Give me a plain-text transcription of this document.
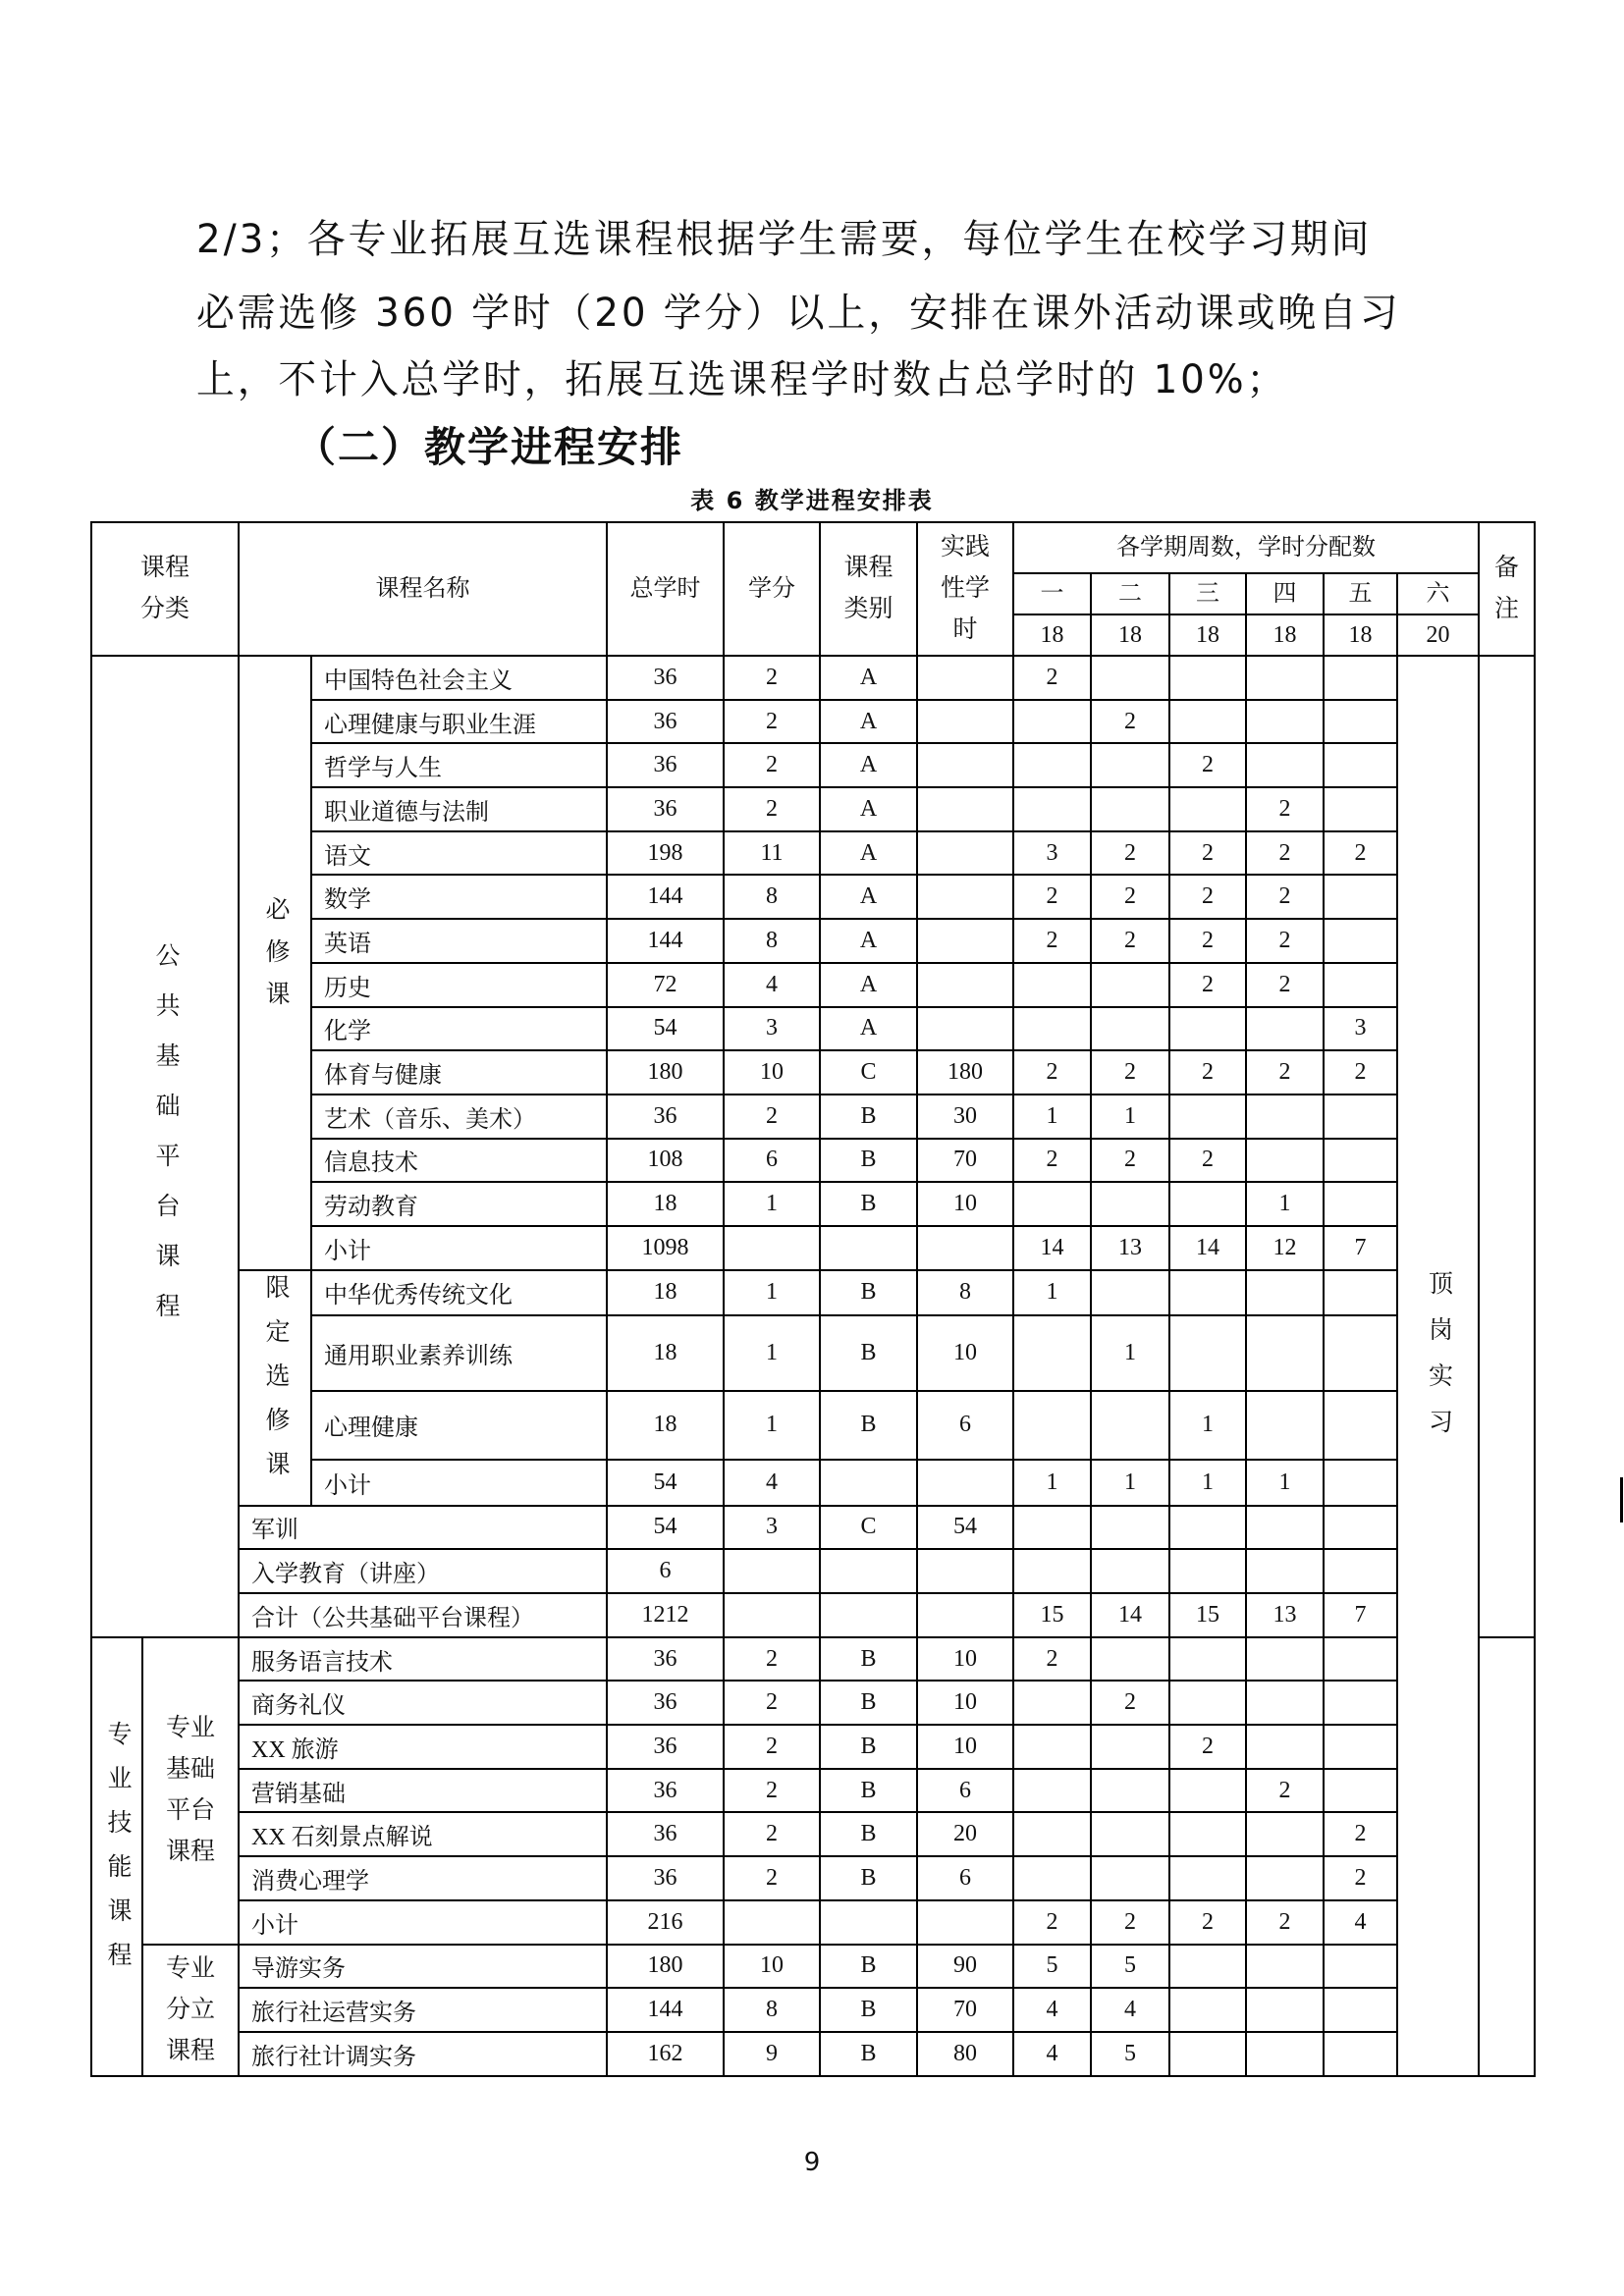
2/3；各专业拓展互选课程根据学生需要，每位学生在校学习期间
必需选修 360 学时（20 学分）以上，安排在课外活动课或晚自习
上，不计入总学时，拓展互选课程学时数占总学时的 10%；
（二）教学进程安排
表 6 教学进程安排表
课程分类		课程名称		总学时	学分	课程类别	实践性学时	各学期周数，学时分配数						备注
								一	二	三	四	五	六	
								18	18	18	18	18	20	
公共基础平台课程		必修课	中国特色社会主义	36	2	A		2					顶岗实习	
			心理健康与职业生涯	36	2	A			2					
			哲学与人生	36	2	A				2				
			职业道德与法制	36	2	A					2			
			语文	198	11	A		3	2	2	2	2		
			数学	144	8	A		2	2	2	2			
			英语	144	8	A		2	2	2	2			
			历史	72	4	A				2	2			
			化学	54	3	A						3		
			体育与健康	180	10	C	180	2	2	2	2	2		
			艺术（音乐、美术）	36	2	B	30	1	1					
			信息技术	108	6	B	70	2	2	2				
			劳动教育	18	1	B	10				1			
			小计	1098				14	13	14	12	7		
		限定选修课	中华优秀传统文化	18	1	B	8	1						
			通用职业素养训练	18	1	B	10		1					
			心理健康	18	1	B	6			1				
			小计	54	4			1	1	1	1			
		军训		54	3	C	54							
		入学教育（讲座）		6										
		合计（公共基础平台课程）		1212				15	14	15	13	7		
专业技能课程	专业基础平台课程	服务语言技术		36	2	B	10	2						
		商务礼仪		36	2	B	10		2					
		XX 旅游		36	2	B	10			2				
		营销基础		36	2	B	6				2			
		XX 石刻景点解说		36	2	B	20					2		
		消费心理学		36	2	B	6					2		
		小计		216				2	2	2	2	4		
	专业分立课程	导游实务		180	10	B	90	5	5					
		旅行社运营实务		144	8	B	70	4	4					
		旅行社计调实务		162	9	B	80	4	5					
9
